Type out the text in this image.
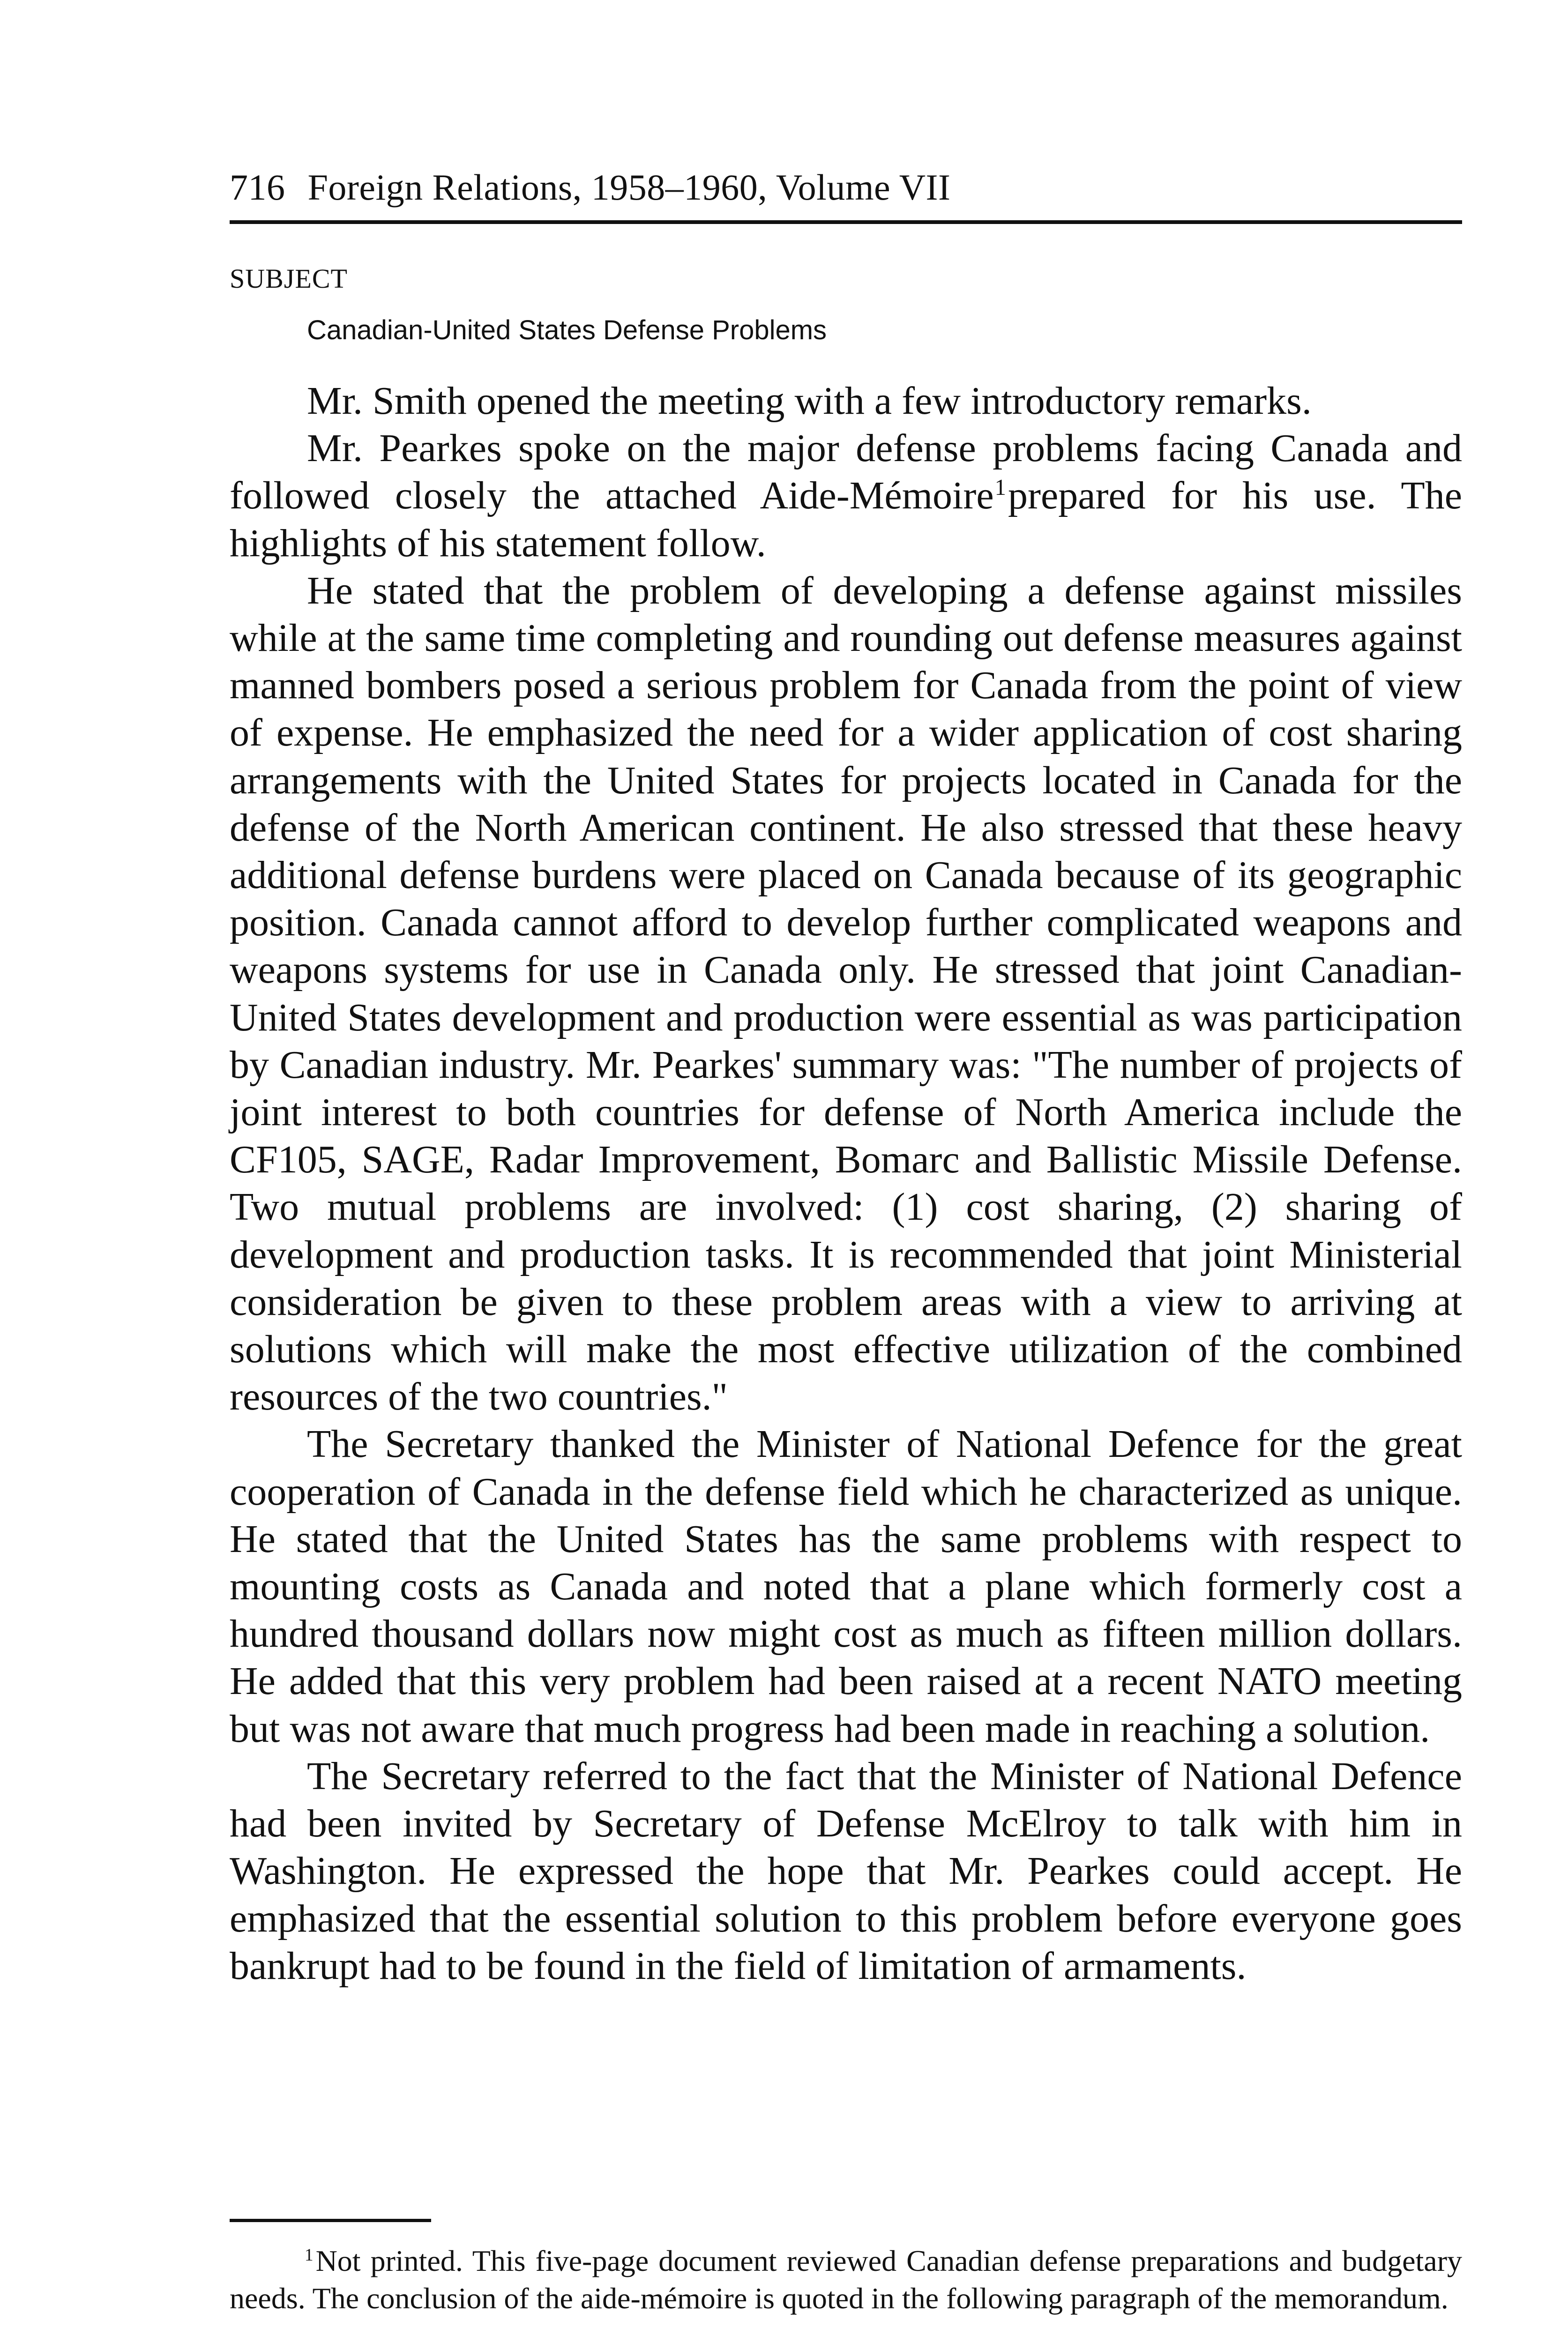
716 Foreign Relations, 1958–1960, Volume VII
SUBJECT
Canadian-United States Defense Problems

Mr. Smith opened the meeting with a few introductory remarks.

Mr. Pearkes spoke on the major defense problems facing Canada and followed closely the attached Aide-Mémoire$^1$prepared for his use. The highlights of his statement follow.

He stated that the problem of developing a defense against missiles while at the same time completing and rounding out defense measures against manned bombers posed a serious problem for Canada from the point of view of expense. He emphasized the need for a wider application of cost sharing arrangements with the United States for projects located in Canada for the defense of the North American continent. He also stressed that these heavy additional defense burdens were placed on Canada because of its geographic position. Canada cannot afford to develop further complicated weapons and weapons systems for use in Canada only. He stressed that joint Canadian-United States development and production were essential as was participation by Canadian industry. Mr. Pearkes' summary was: "The number of projects of joint interest to both countries for defense of North America include the CF105, SAGE, Radar Improvement, Bomarc and Ballistic Missile Defense. Two mutual problems are involved: (1) cost sharing, (2) sharing of development and production tasks. It is recommended that joint Ministerial consideration be given to these problem areas with a view to arriving at solutions which will make the most effective utilization of the combined resources of the two countries."

The Secretary thanked the Minister of National Defence for the great cooperation of Canada in the defense field which he characterized as unique. He stated that the United States has the same problems with respect to mounting costs as Canada and noted that a plane which formerly cost a hundred thousand dollars now might cost as much as fifteen million dollars. He added that this very problem had been raised at a recent NATO meeting but was not aware that much progress had been made in reaching a solution.

The Secretary referred to the fact that the Minister of National Defence had been invited by Secretary of Defense McElroy to talk with him in Washington. He expressed the hope that Mr. Pearkes could accept. He emphasized that the essential solution to this problem before everyone goes bankrupt had to be found in the field of limitation of armaments.

$^1$Not printed. This five-page document reviewed Canadian defense preparations and budgetary needs. The conclusion of the aide-mémoire is quoted in the following paragraph of the memorandum.
